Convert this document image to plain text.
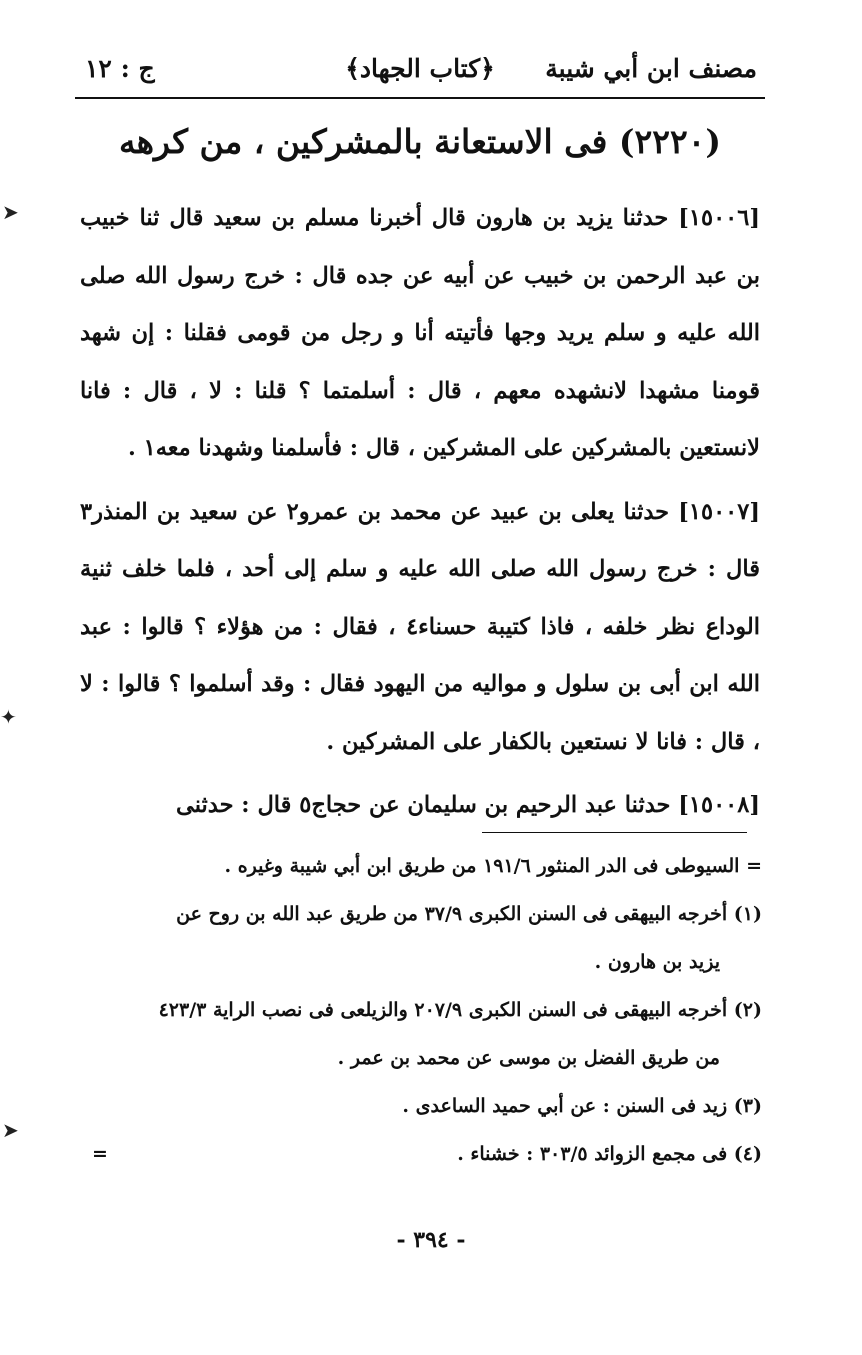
مصنف ابن أبي شيبة
﴿كتاب الجهاد﴾
ج : ١٢
(٢٢٢٠) فى الاستعانة بالمشركين ، من كرهه

[١٥٠٠٦] حدثنا يزيد بن هارون قال أخبرنا مسلم بن سعيد قال ثنا خبيب بن عبد الرحمن بن خبيب عن أبيه عن جده قال : خرج رسول الله صلى الله عليه و سلم يريد وجها فأتيته أنا و رجل من قومى فقلنا : إن شهد قومنا مشهدا لانشهده معهم ، قال : أسلمتما ؟ قلنا : لا ، قال : فانا لانستعين بالمشركين على المشركين ، قال : فأسلمنا وشهدنا معه١ .

[١٥٠٠٧] حدثنا يعلى بن عبيد عن محمد بن عمرو٢ عن سعيد بن المنذر٣ قال : خرج رسول الله صلى الله عليه و سلم إلى أحد ، فلما خلف ثنية الوداع نظر خلفه ، فاذا كتيبة حسناء٤ ، فقال : من هؤلاء ؟ قالوا : عبد الله ابن أبى بن سلول و مواليه من اليهود فقال : وقد أسلموا ؟ قالوا : لا ، قال : فانا لا نستعين بالكفار على المشركين .

[١٥٠٠٨] حدثنا عبد الرحيم بن سليمان عن حجاج٥ قال : حدثنى

= السيوطى فى الدر المنثور ١٩١/٦ من طريق ابن أبي شيبة وغيره .

(١) أخرجه البيهقى فى السنن الكبرى ٣٧/٩ من طريق عبد الله بن روح عن

يزيد بن هارون .

(٢) أخرجه البيهقى فى السنن الكبرى ٢٠٧/٩ والزيلعى فى نصب الراية ٤٢٣/٣

من طريق الفضل بن موسى عن محمد بن عمر .

(٣) زيد فى السنن : عن أبي حميد الساعدى .

(٤) فى مجمع الزوائد ٣٠٣/٥ : خشناء .
=

- ٣٩٤ -
➤
✦
➤
